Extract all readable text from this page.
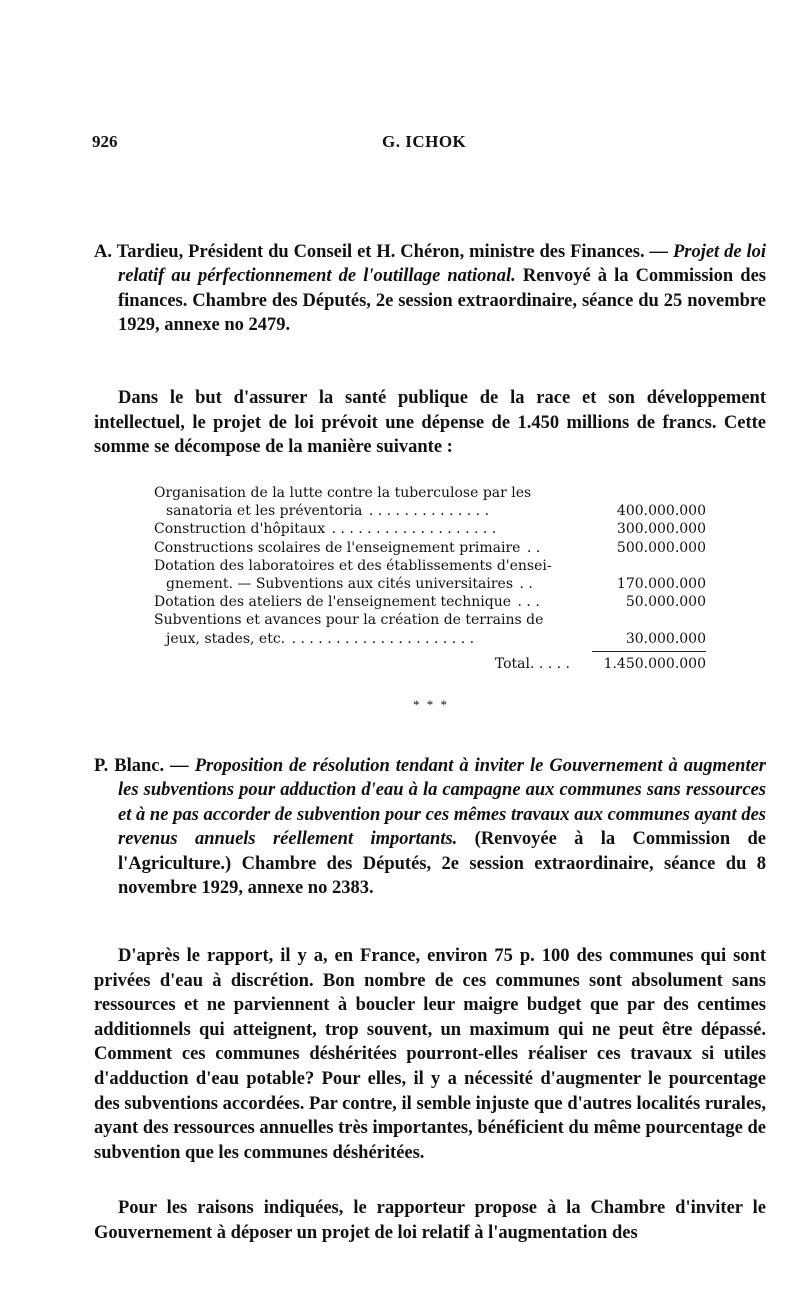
926	G. ICHOK
A. Tardieu, Président du Conseil et H. Chéron, ministre des Finances. — Projet de loi relatif au pérfectionnement de l'outillage national. Renvoyé à la Commission des finances. Chambre des Députés, 2e session extraordinaire, séance du 25 novembre 1929, annexe no 2479.

Dans le but d'assurer la santé publique de la race et son développement intellectuel, le projet de loi prévoit une dépense de 1.450 millions de francs. Cette somme se décompose de la manière suivante :

Organisation de la lutte contre la tuberculose par les
sanatoria et les préventoria . . . . . . . . . . . . . .	400.000.000
Construction d'hôpitaux . . . . . . . . . . . . . . . . . . .	300.000.000
Constructions scolaires de l'enseignement primaire . .	500.000.000
Dotation des laboratoires et des établissements d'ensei-
gnement. — Subventions aux cités universitaires . .	170.000.000
Dotation des ateliers de l'enseignement technique . . .	50.000.000
Subventions et avances pour la création de terrains de
jeux, stades, etc. . . . . . . . . . . . . . . . . . . . . .	30.000.000
Total. . . . .	1.450.000.000
* * *
P. Blanc. — Proposition de résolution tendant à inviter le Gouvernement à augmenter les subventions pour adduction d'eau à la campagne aux communes sans ressources et à ne pas accorder de subvention pour ces mêmes travaux aux communes ayant des revenus annuels réellement importants. (Renvoyée à la Commission de l'Agriculture.) Chambre des Députés, 2e session extraordinaire, séance du 8 novembre 1929, annexe no 2383.

D'après le rapport, il y a, en France, environ 75 p. 100 des communes qui sont privées d'eau à discrétion. Bon nombre de ces communes sont absolument sans ressources et ne parviennent à boucler leur maigre budget que par des centimes additionnels qui atteignent, trop souvent, un maximum qui ne peut être dépassé. Comment ces communes déshéritées pourront-elles réaliser ces travaux si utiles d'adduction d'eau potable? Pour elles, il y a nécessité d'augmenter le pourcentage des subventions accordées. Par contre, il semble injuste que d'autres localités rurales, ayant des ressources annuelles très importantes, bénéficient du même pourcentage de subvention que les communes déshéritées.

Pour les raisons indiquées, le rapporteur propose à la Chambre d'inviter le Gouvernement à déposer un projet de loi relatif à l'augmentation des
